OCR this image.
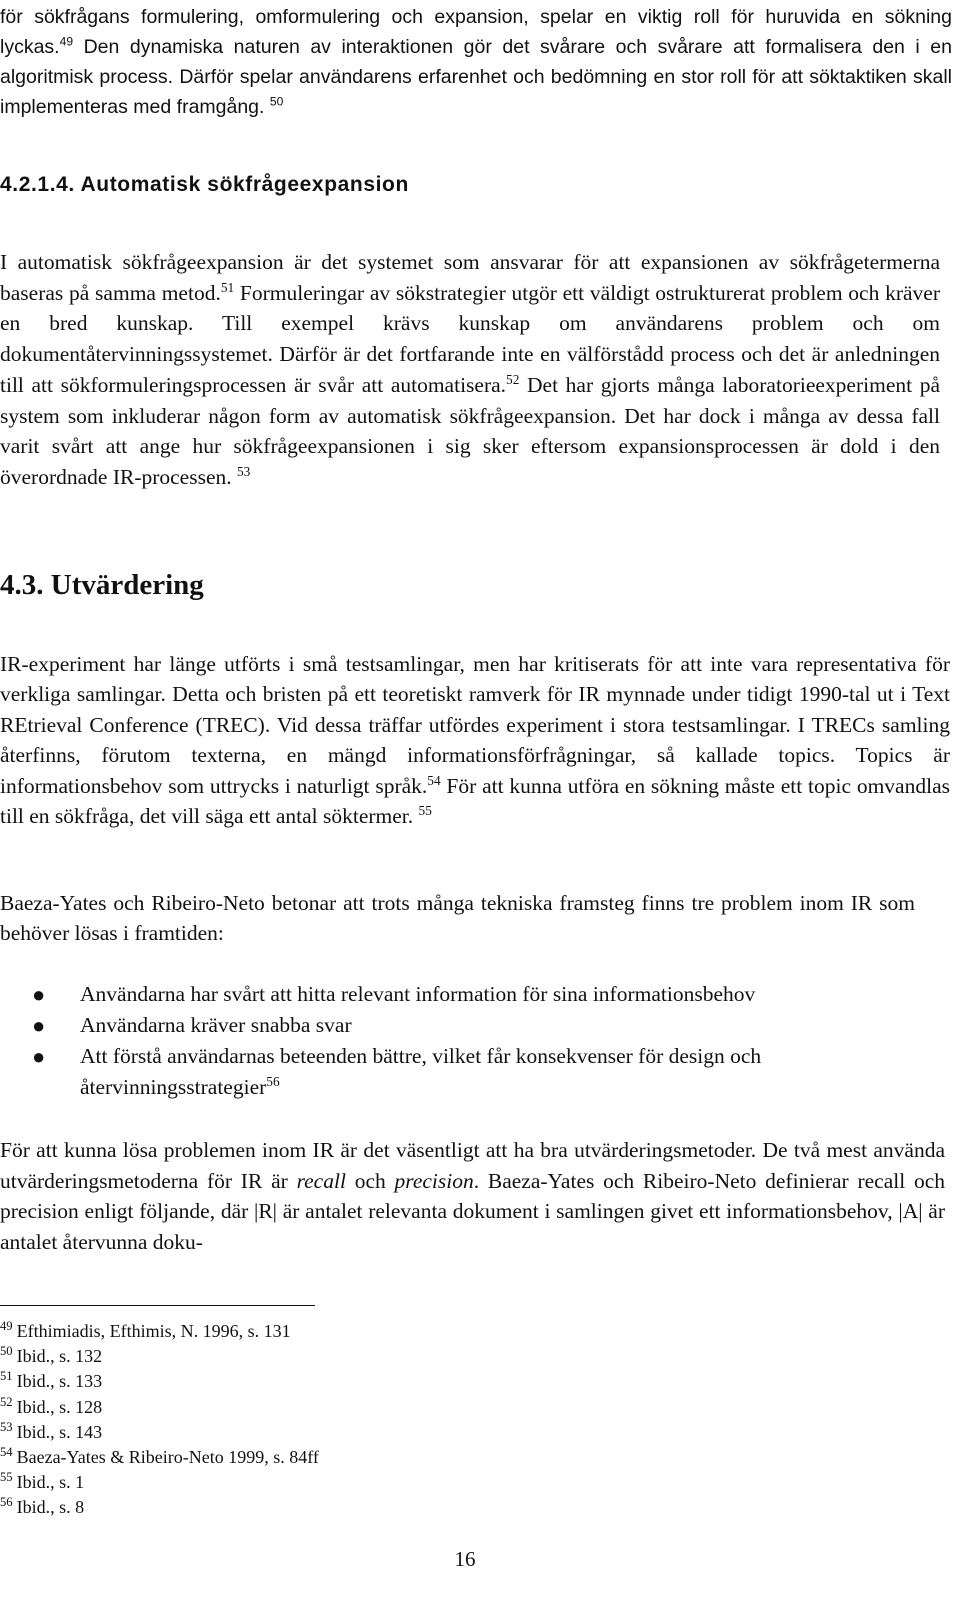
för sökfrågans formulering, omformulering och expansion, spelar en viktig roll för huruvida en sökning lyckas.$^{49}$ Den dynamiska naturen av interaktionen gör det svårare och svårare att formalisera den i en algoritmisk process. Därför spelar användarens erfarenhet och bedömning en stor roll för att söktaktiken skall implementeras med framgång. $^{50}$

4.2.1.4. Automatisk sökfrågeexpansion

I automatisk sökfrågeexpansion är det systemet som ansvarar för att expansionen av sökfrågetermerna baseras på samma metod.$^{51}$ Formuleringar av sökstrategier utgör ett väldigt ostrukturerat problem och kräver en bred kunskap. Till exempel krävs kunskap om användarens problem och om dokumentåtervinningssystemet. Därför är det fortfarande inte en välförstådd process och det är anledningen till att sökformuleringsprocessen är svår att automatisera.$^{52}$ Det har gjorts många laboratorieexperiment på system som inkluderar någon form av automatisk sökfrågeexpansion. Det har dock i många av dessa fall varit svårt att ange hur sökfrågeexpansionen i sig sker eftersom expansionsprocessen är dold i den överordnade IR-processen. $^{53}$

4.3. Utvärdering

IR-experiment har länge utförts i små testsamlingar, men har kritiserats för att inte vara representativa för verkliga samlingar. Detta och bristen på ett teoretiskt ramverk för IR mynnade under tidigt 1990-tal ut i Text REtrieval Conference (TREC). Vid dessa träffar utfördes experiment i stora testsamlingar. I TRECs samling återfinns, förutom texterna, en mängd informationsförfrågningar, så kallade topics. Topics är informationsbehov som uttrycks i naturligt språk.$^{54}$ För att kunna utföra en sökning måste ett topic omvandlas till en sökfråga, det vill säga ett antal söktermer. $^{55}$

Baeza-Yates och Ribeiro-Neto betonar att trots många tekniska framsteg finns tre problem inom IR som behöver lösas i framtiden:

● Användarna har svårt att hitta relevant information för sina informationsbehov
● Användarna kräver snabba svar
● Att förstå användarnas beteenden bättre, vilket får konsekvenser för design och återvinningsstrategier$^{56}$

För att kunna lösa problemen inom IR är det väsentligt att ha bra utvärderingsmetoder. De två mest använda utvärderingsmetoderna för IR är recall och precision. Baeza-Yates och Ribeiro-Neto definierar recall och precision enligt följande, där |R| är antalet relevanta dokument i samlingen givet ett informationsbehov, |A| är antalet återvunna doku-

$^{49}$ Efthimiadis, Efthimis, N. 1996, s. 131
$^{50}$ Ibid., s. 132
$^{51}$ Ibid., s. 133
$^{52}$ Ibid., s. 128
$^{53}$ Ibid., s. 143
$^{54}$ Baeza-Yates & Ribeiro-Neto 1999, s. 84ff
$^{55}$ Ibid., s. 1
$^{56}$ Ibid., s. 8
16
